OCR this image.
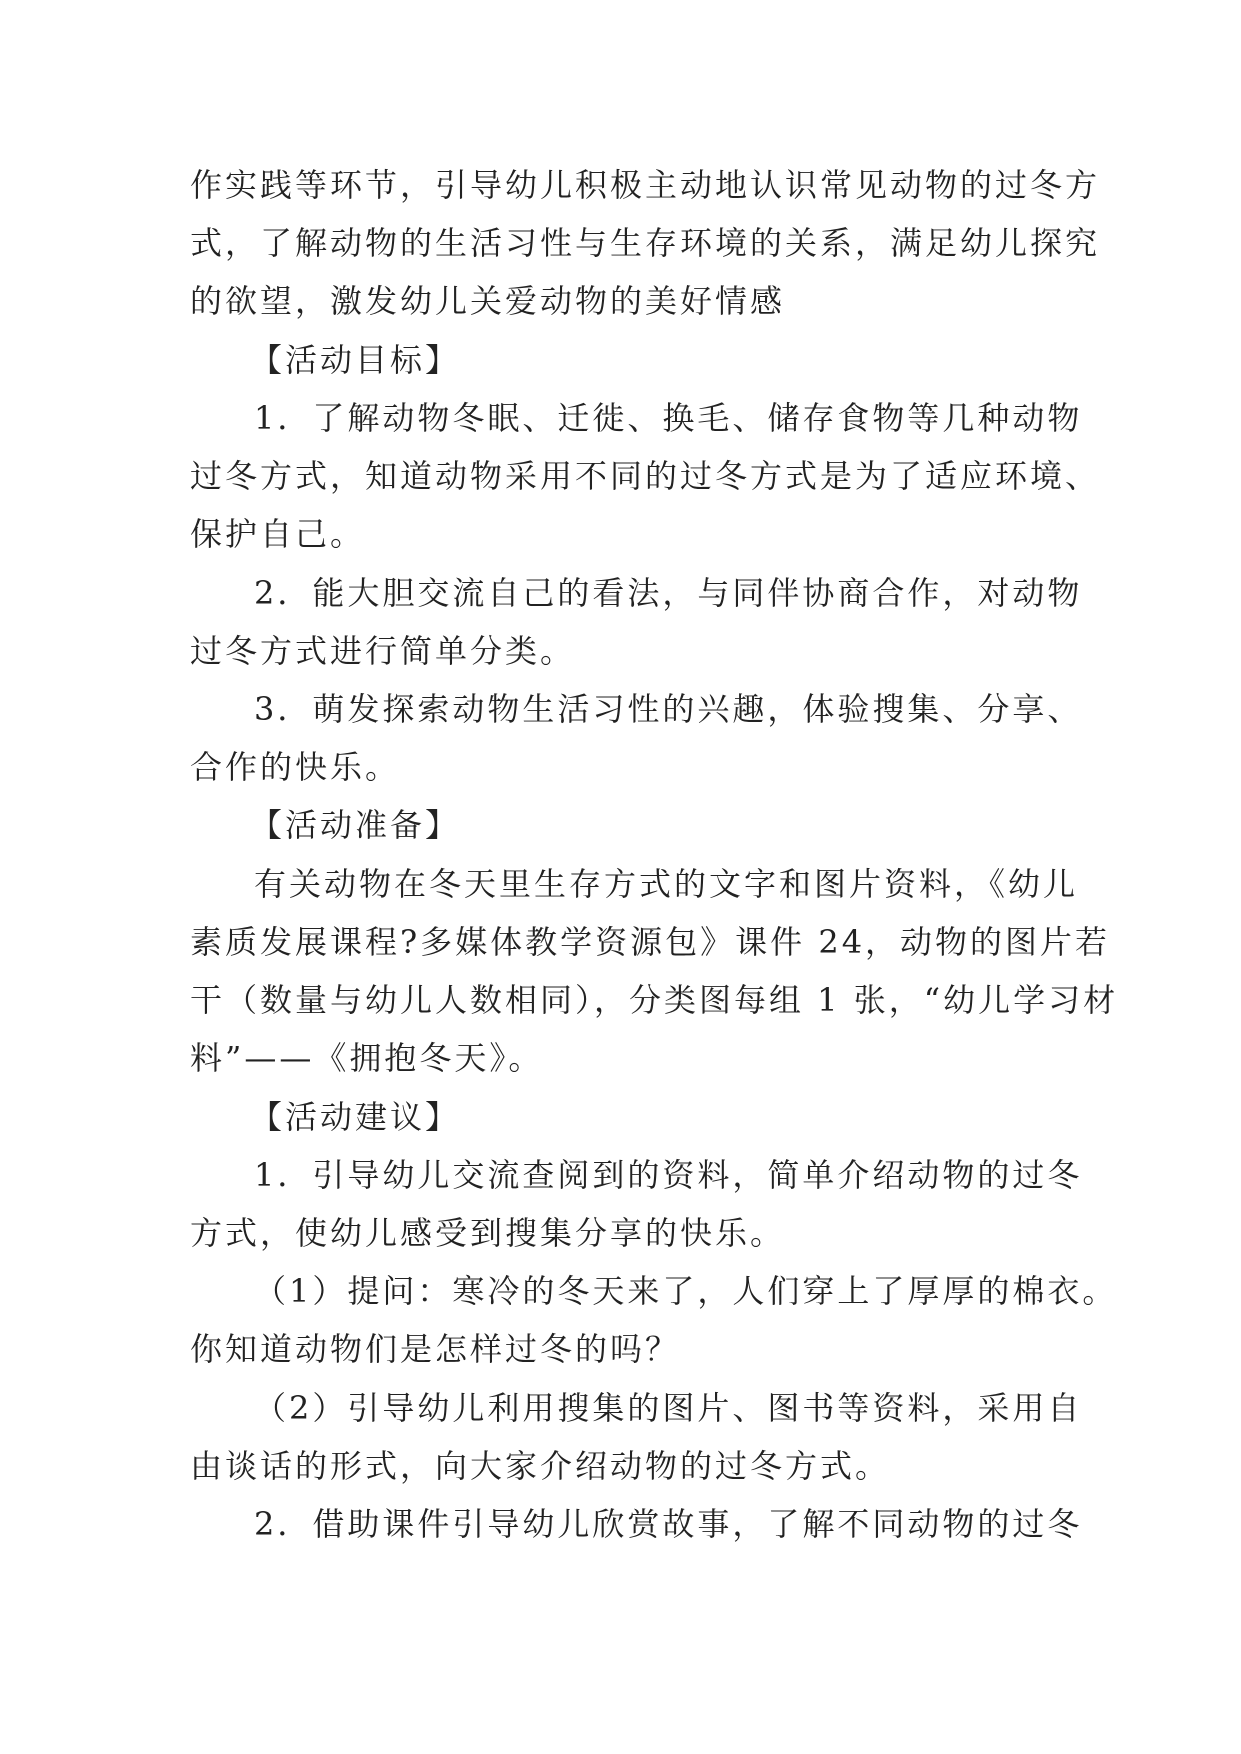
作实践等环节，引导幼儿积极主动地认识常见动物的过冬方
式，了解动物的生活习性与生存环境的关系，满足幼儿探究
的欲望，激发幼儿关爱动物的美好情感
【活动目标】
1．了解动物冬眠、迁徙、换毛、储存食物等几种动物
过冬方式，知道动物采用不同的过冬方式是为了适应环境、
保护自己。
2．能大胆交流自己的看法，与同伴协商合作，对动物
过冬方式进行简单分类。
3．萌发探索动物生活习性的兴趣，体验搜集、分享、
合作的快乐。
【活动准备】
有关动物在冬天里生存方式的文字和图片资料，《幼儿
素质发展课程?多媒体教学资源包》课件 24，动物的图片若
干（数量与幼儿人数相同），分类图每组 1 张，“幼儿学习材
料”——《拥抱冬天》。
【活动建议】
1．引导幼儿交流查阅到的资料，简单介绍动物的过冬
方式，使幼儿感受到搜集分享的快乐。
（1）提问：寒冷的冬天来了，人们穿上了厚厚的棉衣。
你知道动物们是怎样过冬的吗？
（2）引导幼儿利用搜集的图片、图书等资料，采用自
由谈话的形式，向大家介绍动物的过冬方式。
2．借助课件引导幼儿欣赏故事，了解不同动物的过冬
